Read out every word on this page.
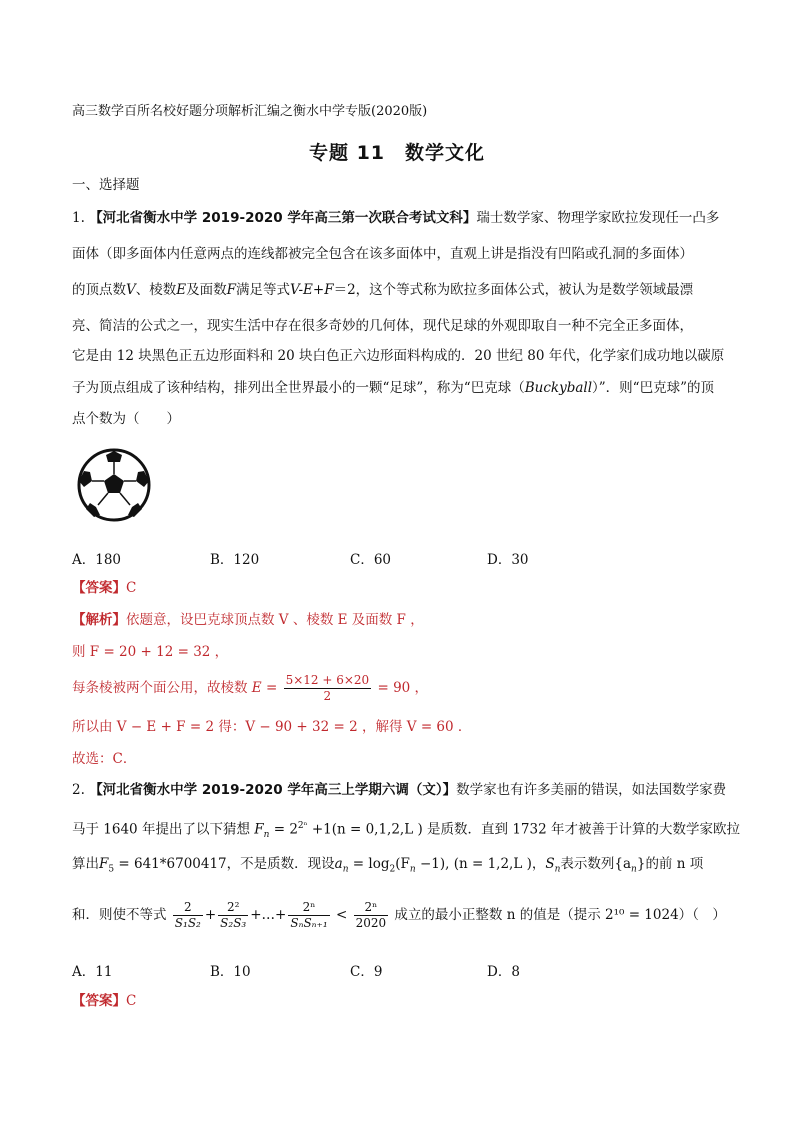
高三数学百所名校好题分项解析汇编之衡水中学专版(2020版)
专题 11 数学文化
一、选择题
1. 【河北省衡水中学 2019-2020 学年高三第一次联合考试文科】瑞士数学家、物理学家欧拉发现任一凸多
面体（即多面体内任意两点的连线都被完全包含在该多面体中，直观上讲是指没有凹陷或孔洞的多面体）
的顶点数V、棱数E及面数F满足等式V-E+F＝2，这个等式称为欧拉多面体公式，被认为是数学领域最漂
亮、简洁的公式之一，现实生活中存在很多奇妙的几何体，现代足球的外观即取自一种不完全正多面体，
它是由 12 块黑色正五边形面料和 20 块白色正六边形面料构成的．20 世纪 80 年代，化学家们成功地以碳原
子为顶点组成了该种结构，排列出全世界最小的一颗“足球”，称为“巴克球（Buckyball）”．则“巴克球”的顶
点个数为（　　）
A．180	B．120	C．60	D．30
【答案】C
【解析】依题意，设巴克球顶点数 V 、棱数 E 及面数 F ，
则 F = 20 + 12 = 32 ，
每条棱被两个面公用，故棱数 $E = \frac{5\times 12 + 6\times 20}{2} = 90$ ，
所以由 V − E + F = 2 得：V − 90 + 32 = 2 ，解得 V = 60 ．
故选：C．
2. 【河北省衡水中学 2019-2020 学年高三上学期六调（文）】数学家也有许多美丽的错误，如法国数学家费
马于 1640 年提出了以下猜想 $F_n = 2^{2^n} +1(n = 0,1,2,L$ ) 是质数．直到 1732 年才被善于计算的大数学家欧拉
算出$F_5 = 641*6700417$，不是质数．现设$a_n = \log_2(F_n -1)$, (n = 1,2,L )，$S_n$表示数列$\{a_n\}$的前 n 项
和．则使不等式 $\frac{2}{\text{S₁S₂}} + \frac{\text{2²}}{\text{S₂S₃}}$ +…+ $\frac{\text{2ⁿ}}{\text{SₙSₙ₊₁}} < \frac{\text{2ⁿ}}{2020}$ 成立的最小正整数 n 的值是（提示 2¹⁰ = 1024）（　）
A．11	B．10	C．9	D．8
【答案】C
